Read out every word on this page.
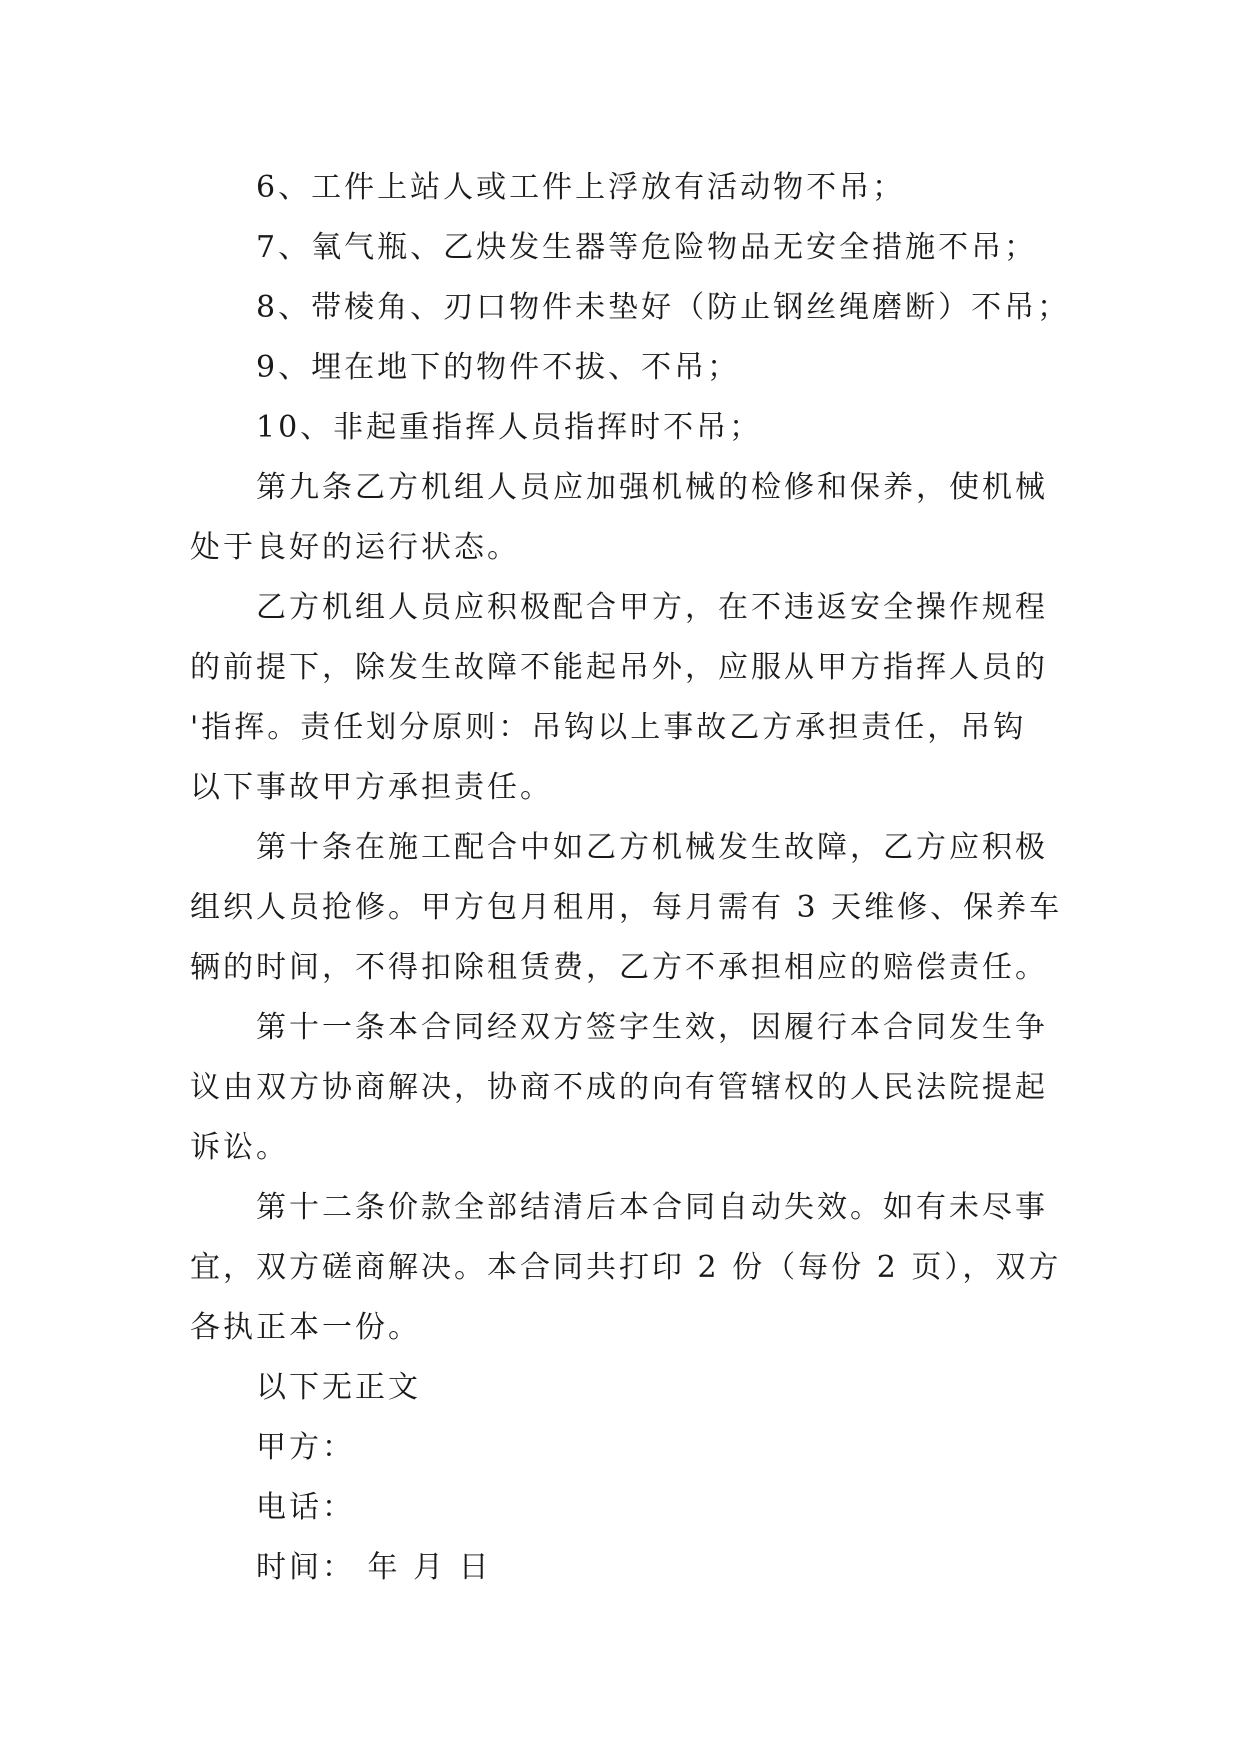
6、工件上站人或工件上浮放有活动物不吊；
7、氧气瓶、乙炔发生器等危险物品无安全措施不吊；
8、带棱角、刃口物件未垫好（防止钢丝绳磨断）不吊；
9、埋在地下的物件不拔、不吊；
10、非起重指挥人员指挥时不吊；
第九条乙方机组人员应加强机械的检修和保养，使机械
处于良好的运行状态。
乙方机组人员应积极配合甲方，在不违返安全操作规程
的前提下，除发生故障不能起吊外，应服从甲方指挥人员的
'指挥。责任划分原则：吊钩以上事故乙方承担责任，吊钩
以下事故甲方承担责任。
第十条在施工配合中如乙方机械发生故障，乙方应积极
组织人员抢修。甲方包月租用，每月需有 3 天维修、保养车
辆的时间，不得扣除租赁费，乙方不承担相应的赔偿责任。
第十一条本合同经双方签字生效，因履行本合同发生争
议由双方协商解决，协商不成的向有管辖权的人民法院提起
诉讼。
第十二条价款全部结清后本合同自动失效。如有未尽事
宜，双方磋商解决。本合同共打印 2 份（每份 2 页），双方
各执正本一份。
以下无正文
甲方：
电话：
时间： 年 月 日
